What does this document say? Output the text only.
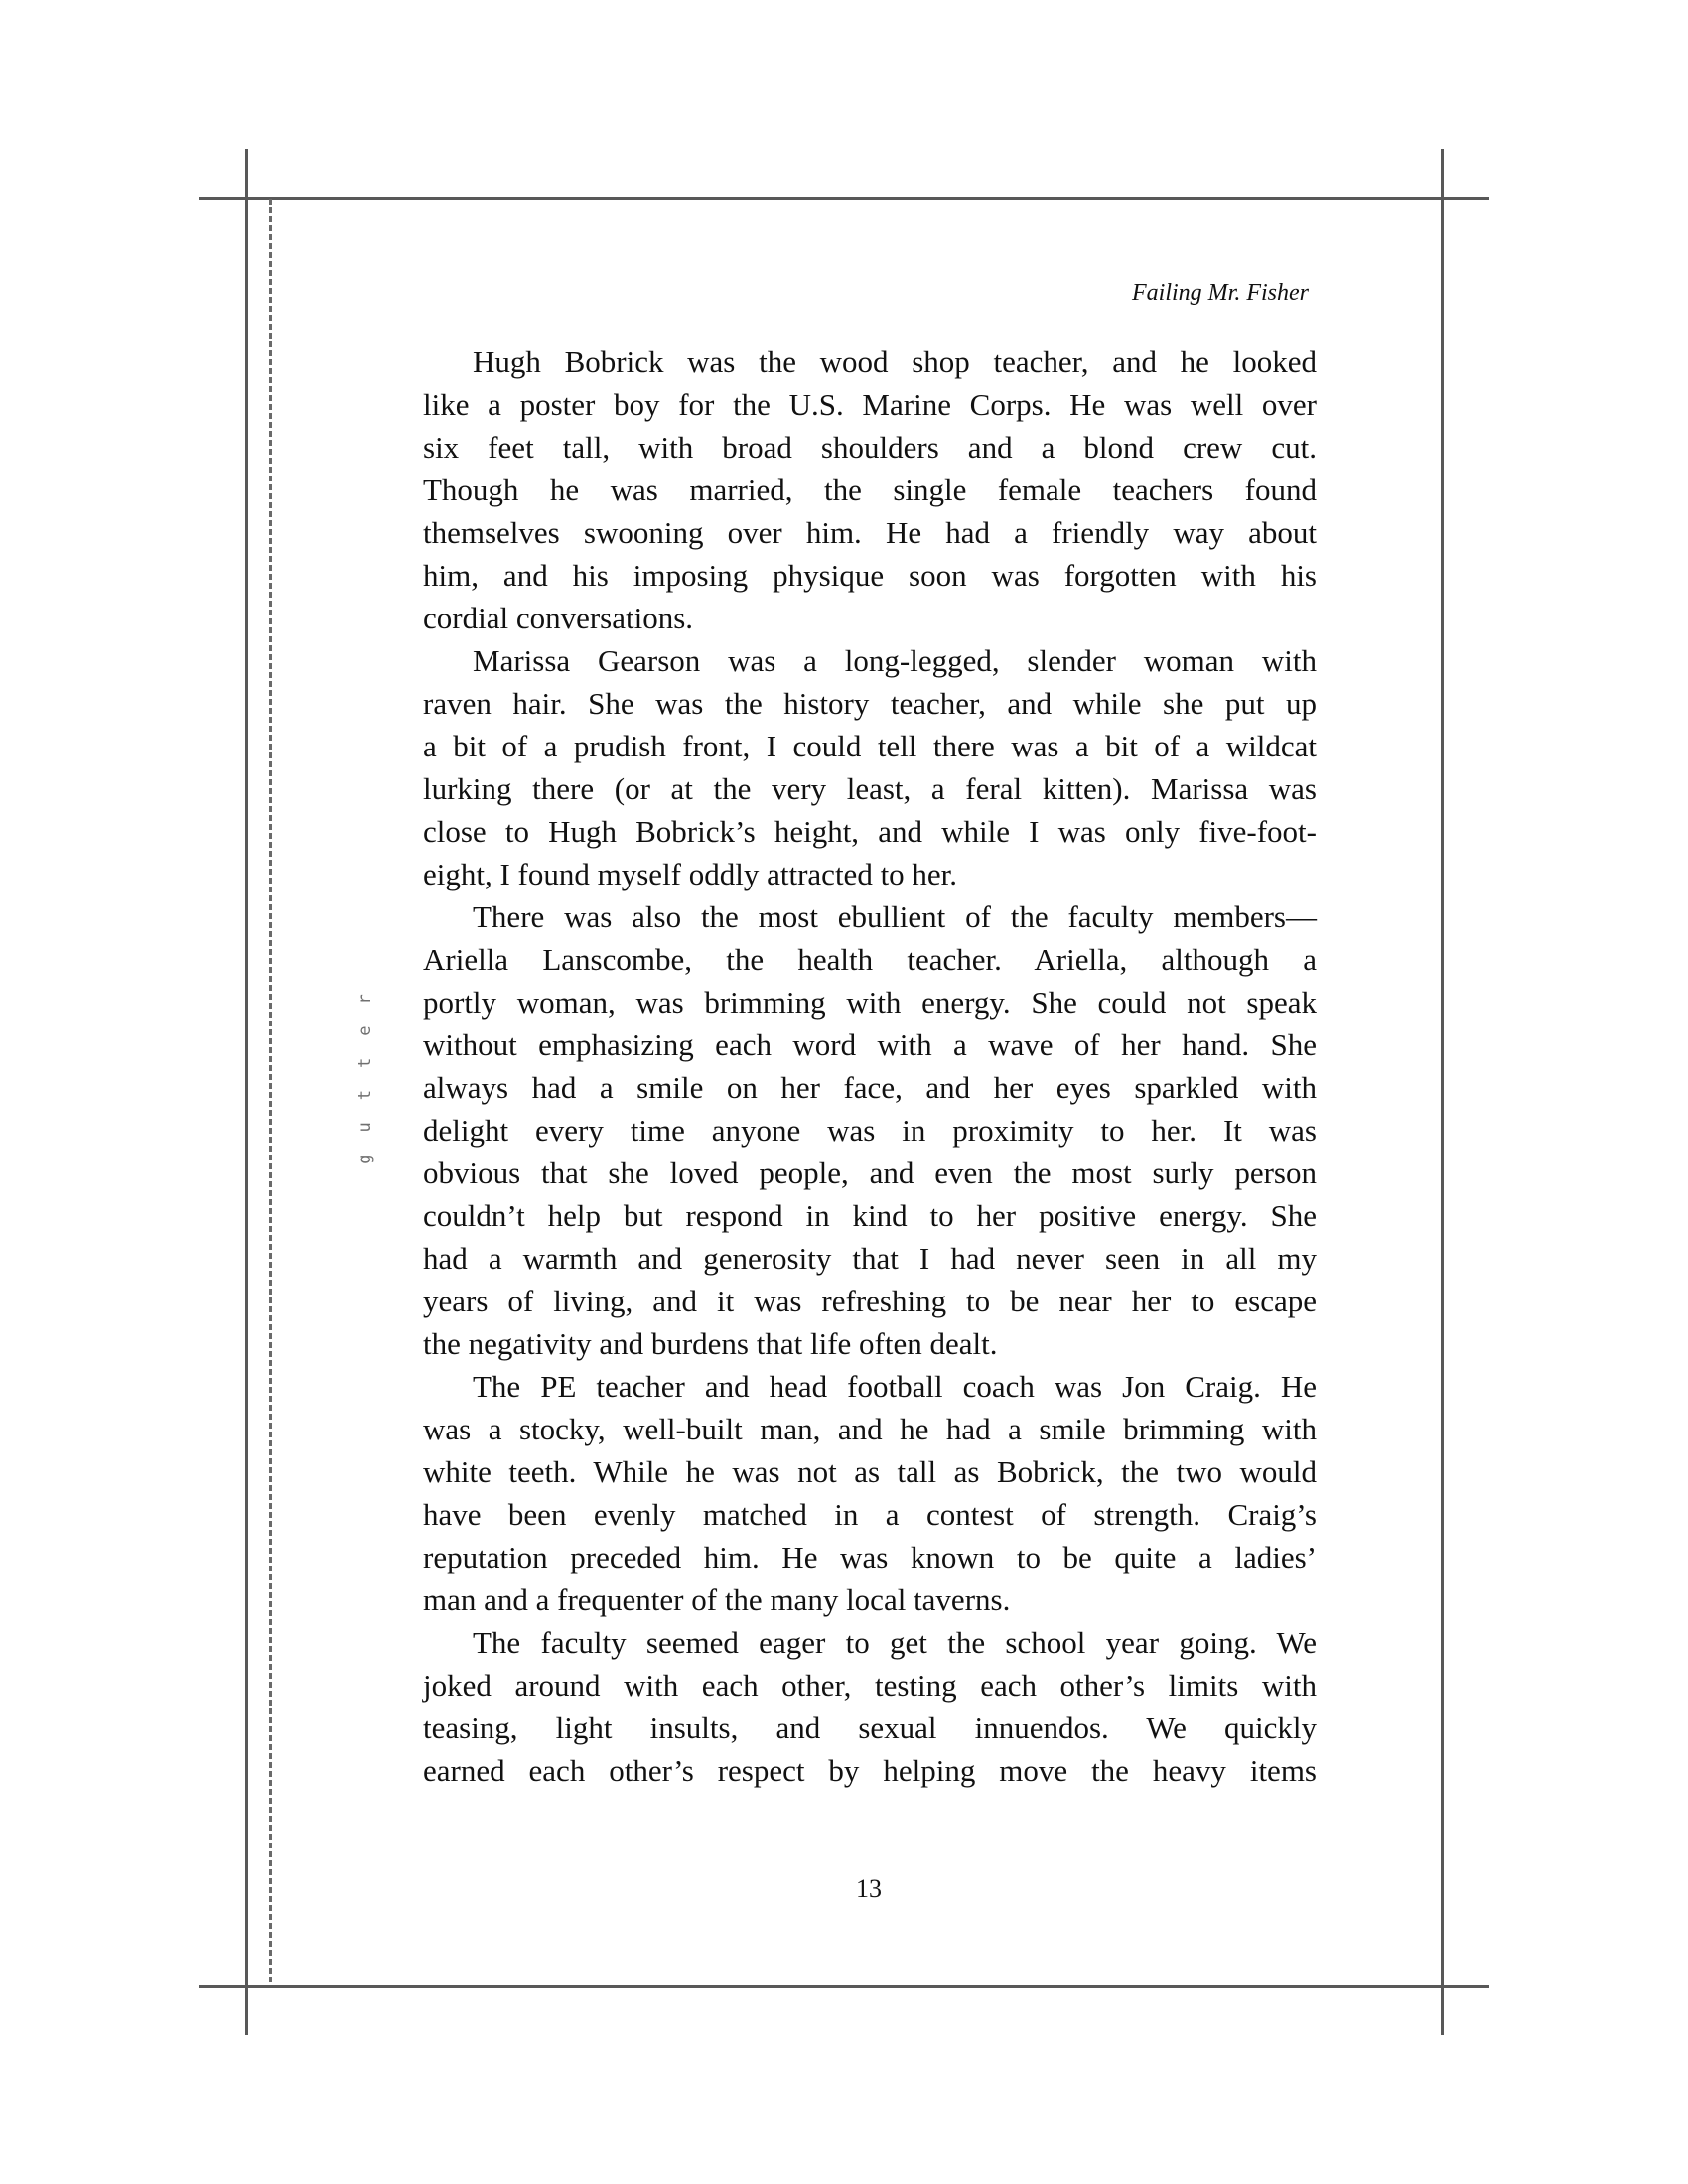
gutter
Failing Mr. Fisher
Hugh Bobrick was the wood shop teacher, and he looked
like a poster boy for the U.S. Marine Corps. He was well over
six feet tall, with broad shoulders and a blond crew cut.
Though he was married, the single female teachers found
themselves swooning over him. He had a friendly way about
him, and his imposing physique soon was forgotten with his
cordial conversations.
Marissa Gearson was a long-legged, slender woman with
raven hair. She was the history teacher, and while she put up
a bit of a prudish front, I could tell there was a bit of a wildcat
lurking there (or at the very least, a feral kitten). Marissa was
close to Hugh Bobrick’s height, and while I was only five-foot-
eight, I found myself oddly attracted to her.
There was also the most ebullient of the faculty members—
Ariella Lanscombe, the health teacher. Ariella, although a
portly woman, was brimming with energy. She could not speak
without emphasizing each word with a wave of her hand. She
always had a smile on her face, and her eyes sparkled with
delight every time anyone was in proximity to her. It was
obvious that she loved people, and even the most surly person
couldn’t help but respond in kind to her positive energy. She
had a warmth and generosity that I had never seen in all my
years of living, and it was refreshing to be near her to escape
the negativity and burdens that life often dealt.
The PE teacher and head football coach was Jon Craig. He
was a stocky, well-built man, and he had a smile brimming with
white teeth. While he was not as tall as Bobrick, the two would
have been evenly matched in a contest of strength. Craig’s
reputation preceded him. He was known to be quite a ladies’
man and a frequenter of the many local taverns.
The faculty seemed eager to get the school year going. We
joked around with each other, testing each other’s limits with
teasing, light insults, and sexual innuendos. We quickly
earned each other’s respect by helping move the heavy items
13
